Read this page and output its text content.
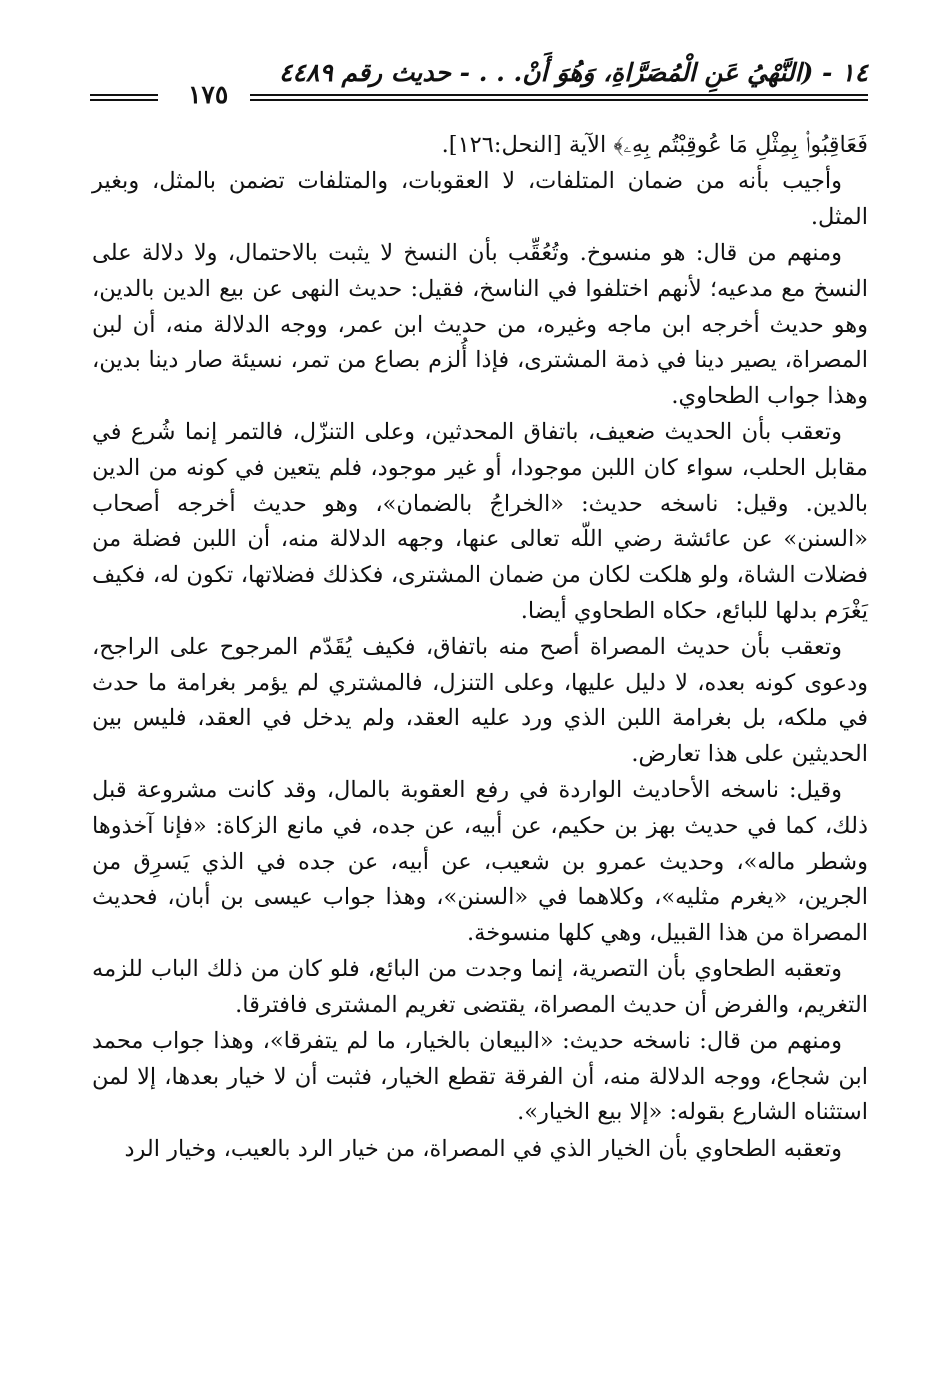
١٤ - (النَّهْيُ عَنِ الْمُصَرَّاةِ، وَهُوَ أَنْ. . . - حديث رقم ٤٤٨٩
١٧٥

فَعَاقِبُوا۟ بِمِثْلِ مَا عُوقِبْتُم بِهِۦ﴾ الآية [النحل:١٢٦].

وأجيب بأنه من ضمان المتلفات، لا العقوبات، والمتلفات تضمن بالمثل، وبغير المثل.

ومنهم من قال: هو منسوخ. وتُعُقِّب بأن النسخ لا يثبت بالاحتمال، ولا دلالة على النسخ مع مدعيه؛ لأنهم اختلفوا في الناسخ، فقيل: حديث النهى عن بيع الدين بالدين، وهو حديث أخرجه ابن ماجه وغيره، من حديث ابن عمر، ووجه الدلالة منه، أن لبن المصراة، يصير دينا في ذمة المشترى، فإذا أُلزم بصاع من تمر، نسيئة صار دينا بدين، وهذا جواب الطحاوي.

وتعقب بأن الحديث ضعيف، باتفاق المحدثين، وعلى التنزّل، فالتمر إنما شُرع في مقابل الحلب، سواء كان اللبن موجودا، أو غير موجود، فلم يتعين في كونه من الدين بالدين. وقيل: ناسخه حديث: «الخراجُ بالضمان»، وهو حديث أخرجه أصحاب «السنن» عن عائشة رضي اللّه تعالى عنها، وجهه الدلالة منه، أن اللبن فضلة من فضلات الشاة، ولو هلكت لكان من ضمان المشترى، فكذلك فضلاتها، تكون له، فكيف يَغْرَم بدلها للبائع، حكاه الطحاوي أيضا.

وتعقب بأن حديث المصراة أصح منه باتفاق، فكيف يُقَدّم المرجوح على الراجح، ودعوى كونه بعده، لا دليل عليها، وعلى التنزل، فالمشتري لم يؤمر بغرامة ما حدث في ملكه، بل بغرامة اللبن الذي ورد عليه العقد، ولم يدخل في العقد، فليس بين الحديثين على هذا تعارض.

وقيل: ناسخه الأحاديث الواردة في رفع العقوبة بالمال، وقد كانت مشروعة قبل ذلك، كما في حديث بهز بن حكيم، عن أبيه، عن جده، في مانع الزكاة: «فإنا آخذوها وشطر ماله»، وحديث عمرو بن شعيب، عن أبيه، عن جده في الذي يَسرِق من الجرين، «يغرم مثليه»، وكلاهما في «السنن»، وهذا جواب عيسى بن أبان، فحديث المصراة من هذا القبيل، وهي كلها منسوخة.

وتعقبه الطحاوي بأن التصرية، إنما وجدت من البائع، فلو كان من ذلك الباب للزمه التغريم، والفرض أن حديث المصراة، يقتضى تغريم المشترى فافترقا.

ومنهم من قال: ناسخه حديث: «البيعان بالخيار، ما لم يتفرقا»، وهذا جواب محمد ابن شجاع، ووجه الدلالة منه، أن الفرقة تقطع الخيار، فثبت أن لا خيار بعدها، إلا لمن استثناه الشارع بقوله: «إلا بيع الخيار».

وتعقبه الطحاوي بأن الخيار الذي في المصراة، من خيار الرد بالعيب، وخيار الرد
